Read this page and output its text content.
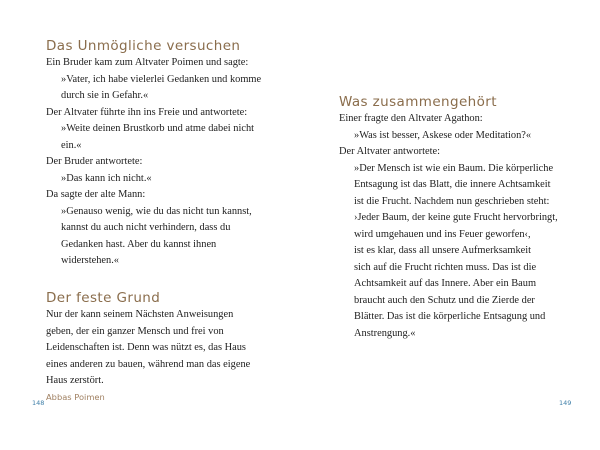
Das Unmögliche versuchen
Ein Bruder kam zum Altvater Poimen und sagte:
»Vater, ich habe vielerlei Gedanken und komme
durch sie in Gefahr.«
Der Altvater führte ihn ins Freie und antwortete:
»Weite deinen Brustkorb und atme dabei nicht
ein.«
Der Bruder antwortete:
»Das kann ich nicht.«
Da sagte der alte Mann:
»Genauso wenig, wie du das nicht tun kannst,
kannst du auch nicht verhindern, dass du
Gedanken hast. Aber du kannst ihnen
widerstehen.«
Der feste Grund
Nur der kann seinem Nächsten Anweisungen
geben, der ein ganzer Mensch und frei von
Leidenschaften ist. Denn was nützt es, das Haus
eines anderen zu bauen, während man das eigene
Haus zerstört.
Abbas Poimen
148
Was zusammengehört
Einer fragte den Altvater Agathon:
»Was ist besser, Askese oder Meditation?«
Der Altvater antwortete:
»Der Mensch ist wie ein Baum. Die körperliche
Entsagung ist das Blatt, die innere Achtsamkeit
ist die Frucht. Nachdem nun geschrieben steht:
›Jeder Baum, der keine gute Frucht hervorbringt,
wird umgehauen und ins Feuer geworfen‹,
ist es klar, dass all unsere Aufmerksamkeit
sich auf die Frucht richten muss. Das ist die
Achtsamkeit auf das Innere. Aber ein Baum
braucht auch den Schutz und die Zierde der
Blätter. Das ist die körperliche Entsagung und
Anstrengung.«
149
